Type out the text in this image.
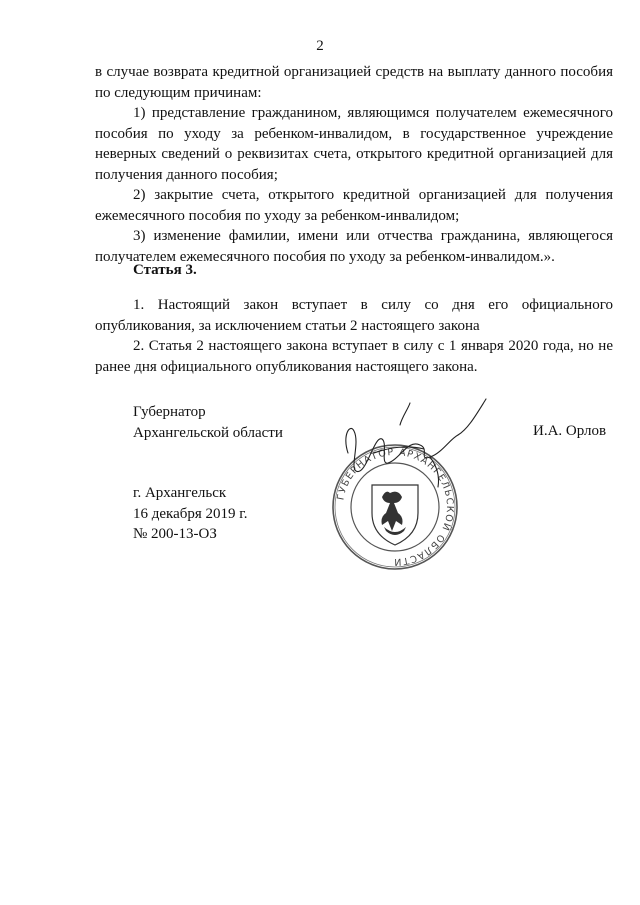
2

в случае возврата кредитной организацией средств на выплату данного пособия по следующим причинам:

1) представление гражданином, являющимся получателем ежемесячного пособия по уходу за ребенком-инвалидом, в государственное учреждение неверных сведений о реквизитах счета, открытого кредитной организацией для получения данного пособия;

2) закрытие счета, открытого кредитной организацией для получения ежемесячного пособия по уходу за ребенком-инвалидом;

3) изменение фамилии, имени или отчества гражданина, являющегося получателем ежемесячного пособия по уходу за ребенком-инвалидом.».

Статья 3.

1. Настоящий закон вступает в силу со дня его официального опубликования, за исключением статьи 2 настоящего закона

2. Статья 2 настоящего закона вступает в силу с 1 января 2020 года, но не ранее дня официального опубликования настоящего закона.

Губернатор
Архангельской области	И.А. Орлов
г. Архангельск
16 декабря 2019 г.
№ 200-13-ОЗ
ГУБЕРНАТОР АРХАНГЕЛЬСКОЙ ОБЛАСТИ
